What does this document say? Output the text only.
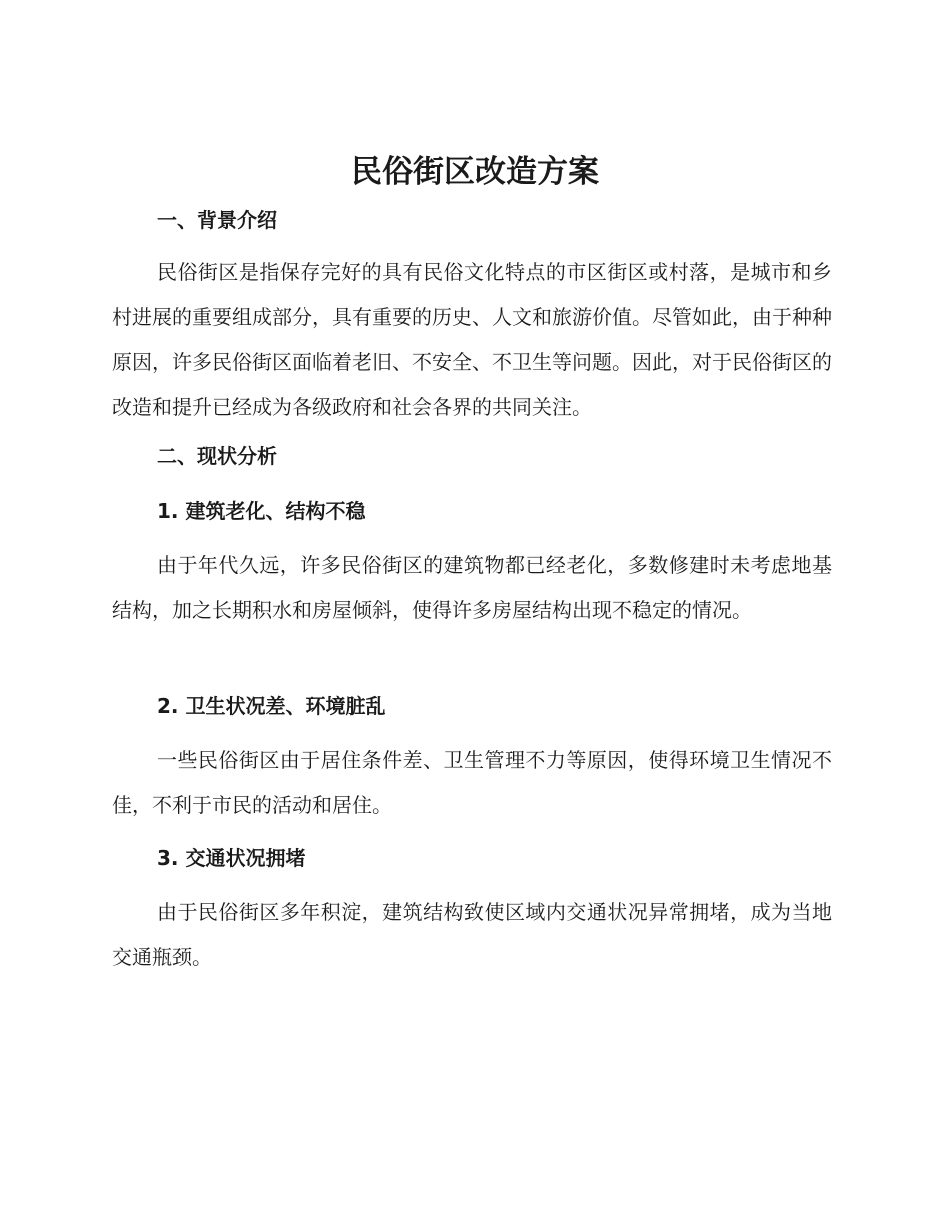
民俗街区改造方案
一、背景介绍
民俗街区是指保存完好的具有民俗文化特点的市区街区或村落，是城市和乡村进展的重要组成部分，具有重要的历史、人文和旅游价值。尽管如此，由于种种原因，许多民俗街区面临着老旧、不安全、不卫生等问题。因此，对于民俗街区的改造和提升已经成为各级政府和社会各界的共同关注。
二、现状分析
1. 建筑老化、结构不稳
由于年代久远，许多民俗街区的建筑物都已经老化，多数修建时未考虑地基结构，加之长期积水和房屋倾斜，使得许多房屋结构出现不稳定的情况。
2. 卫生状况差、环境脏乱
一些民俗街区由于居住条件差、卫生管理不力等原因，使得环境卫生情况不佳，不利于市民的活动和居住。
3. 交通状况拥堵
由于民俗街区多年积淀，建筑结构致使区域内交通状况异常拥堵，成为当地交通瓶颈。
